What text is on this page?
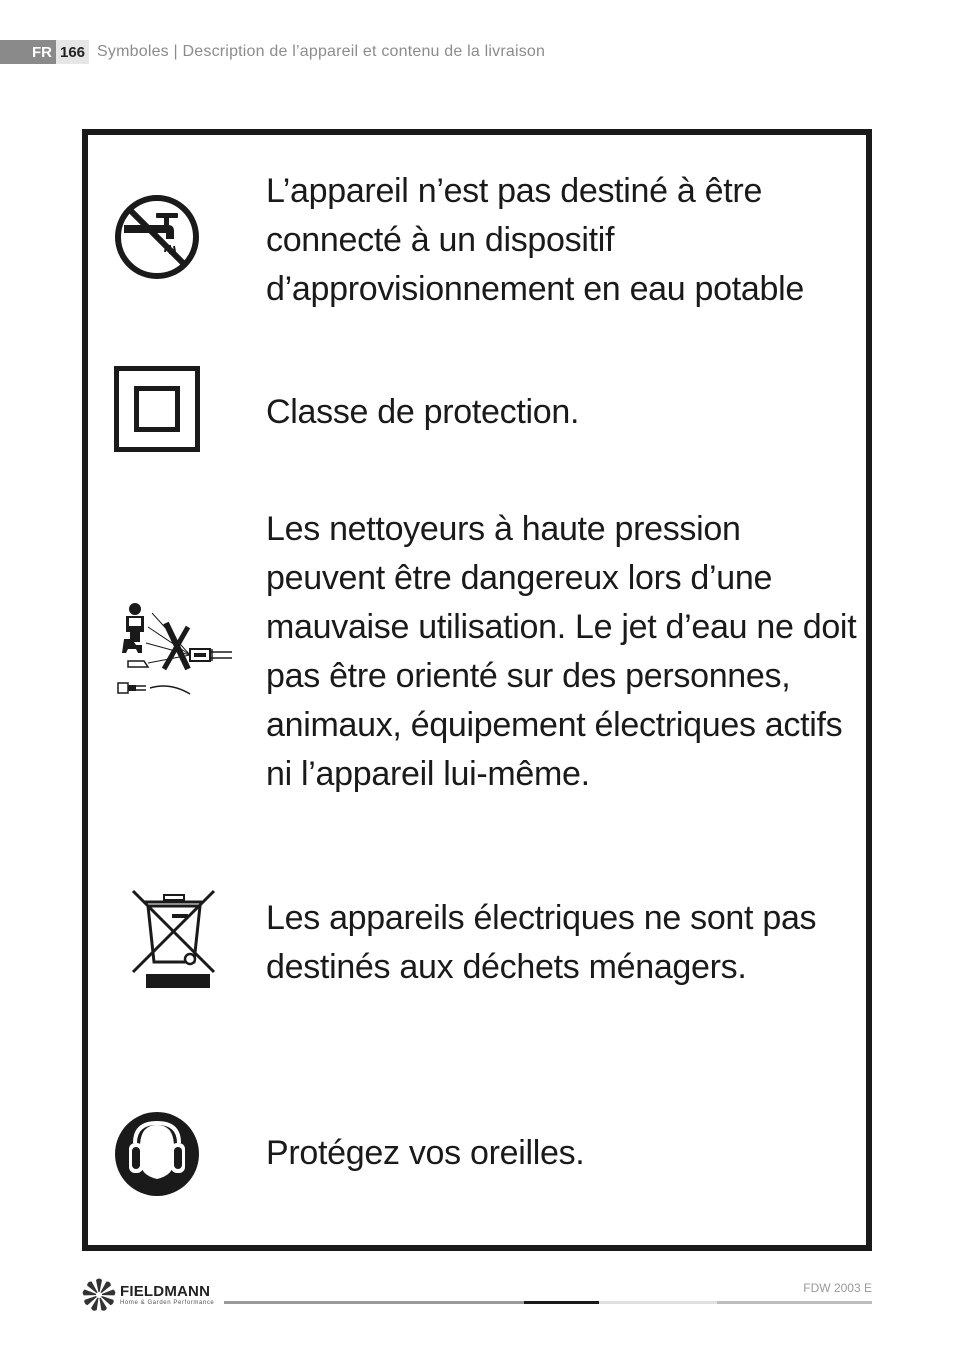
FR 166 Symboles | Description de l’appareil et contenu de la livraison
L’appareil n’est pas destiné à être connecté à un dispositif d’approvisionnement en eau potable
Classe de protection.
Les nettoyeurs à haute pression peuvent être dangereux lors d’une mauvaise utilisation. Le jet d’eau ne doit pas être orienté sur des personnes, animaux, équipement électriques actifs ni l’appareil lui-même.
Les appareils électriques ne sont pas destinés aux déchets ménagers.
Protégez vos oreilles.
FIELDMANN
Home & Garden Performance
FDW 2003 E
